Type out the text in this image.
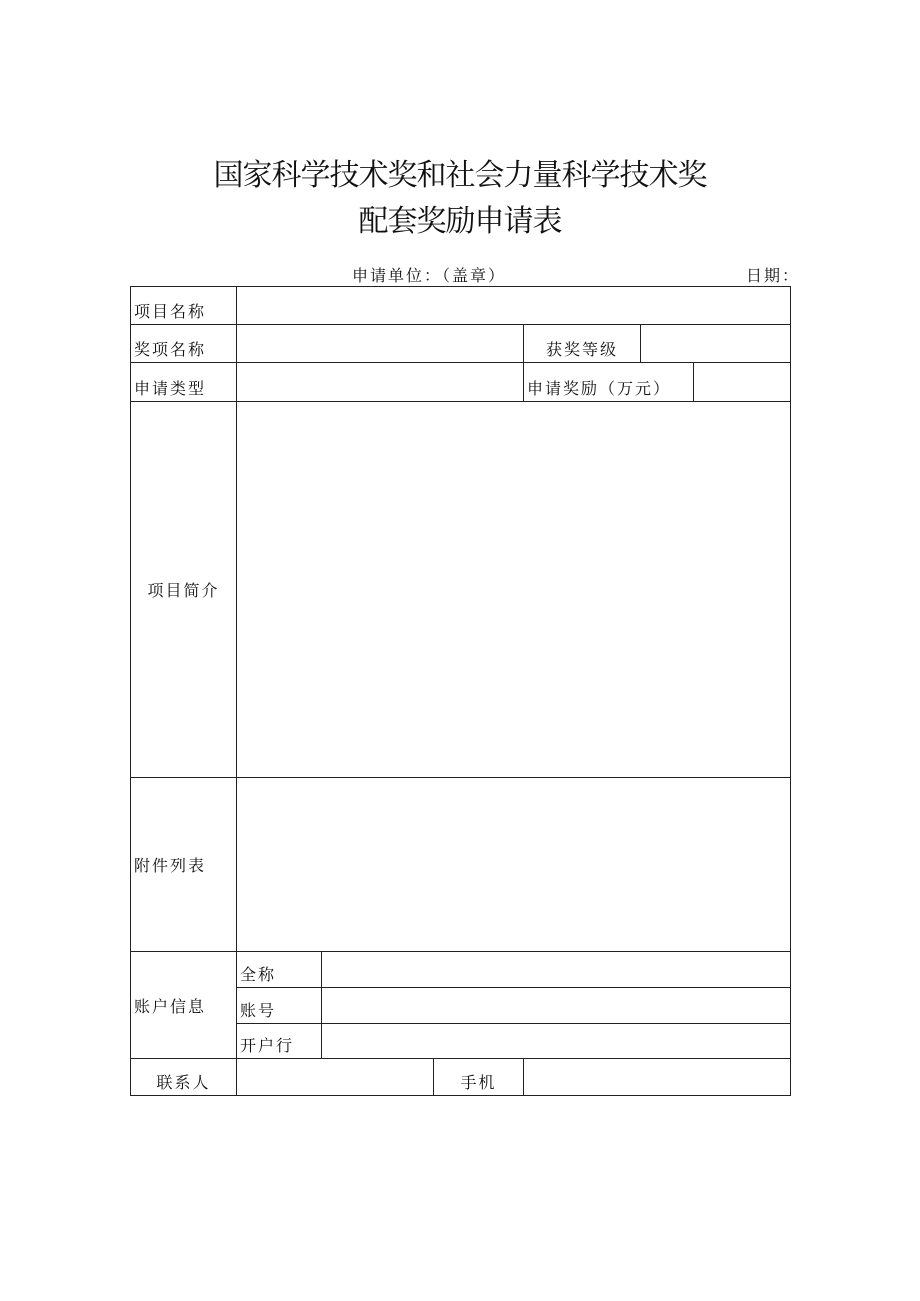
国家科学技术奖和社会力量科学技术奖
配套奖励申请表
申请单位：（盖章）	日期：
项目名称
奖项名称	获奖等级
申请类型	申请奖励（万元）
项目简介
附件列表
账户信息
全称
账号
开户行
联系人	手机
